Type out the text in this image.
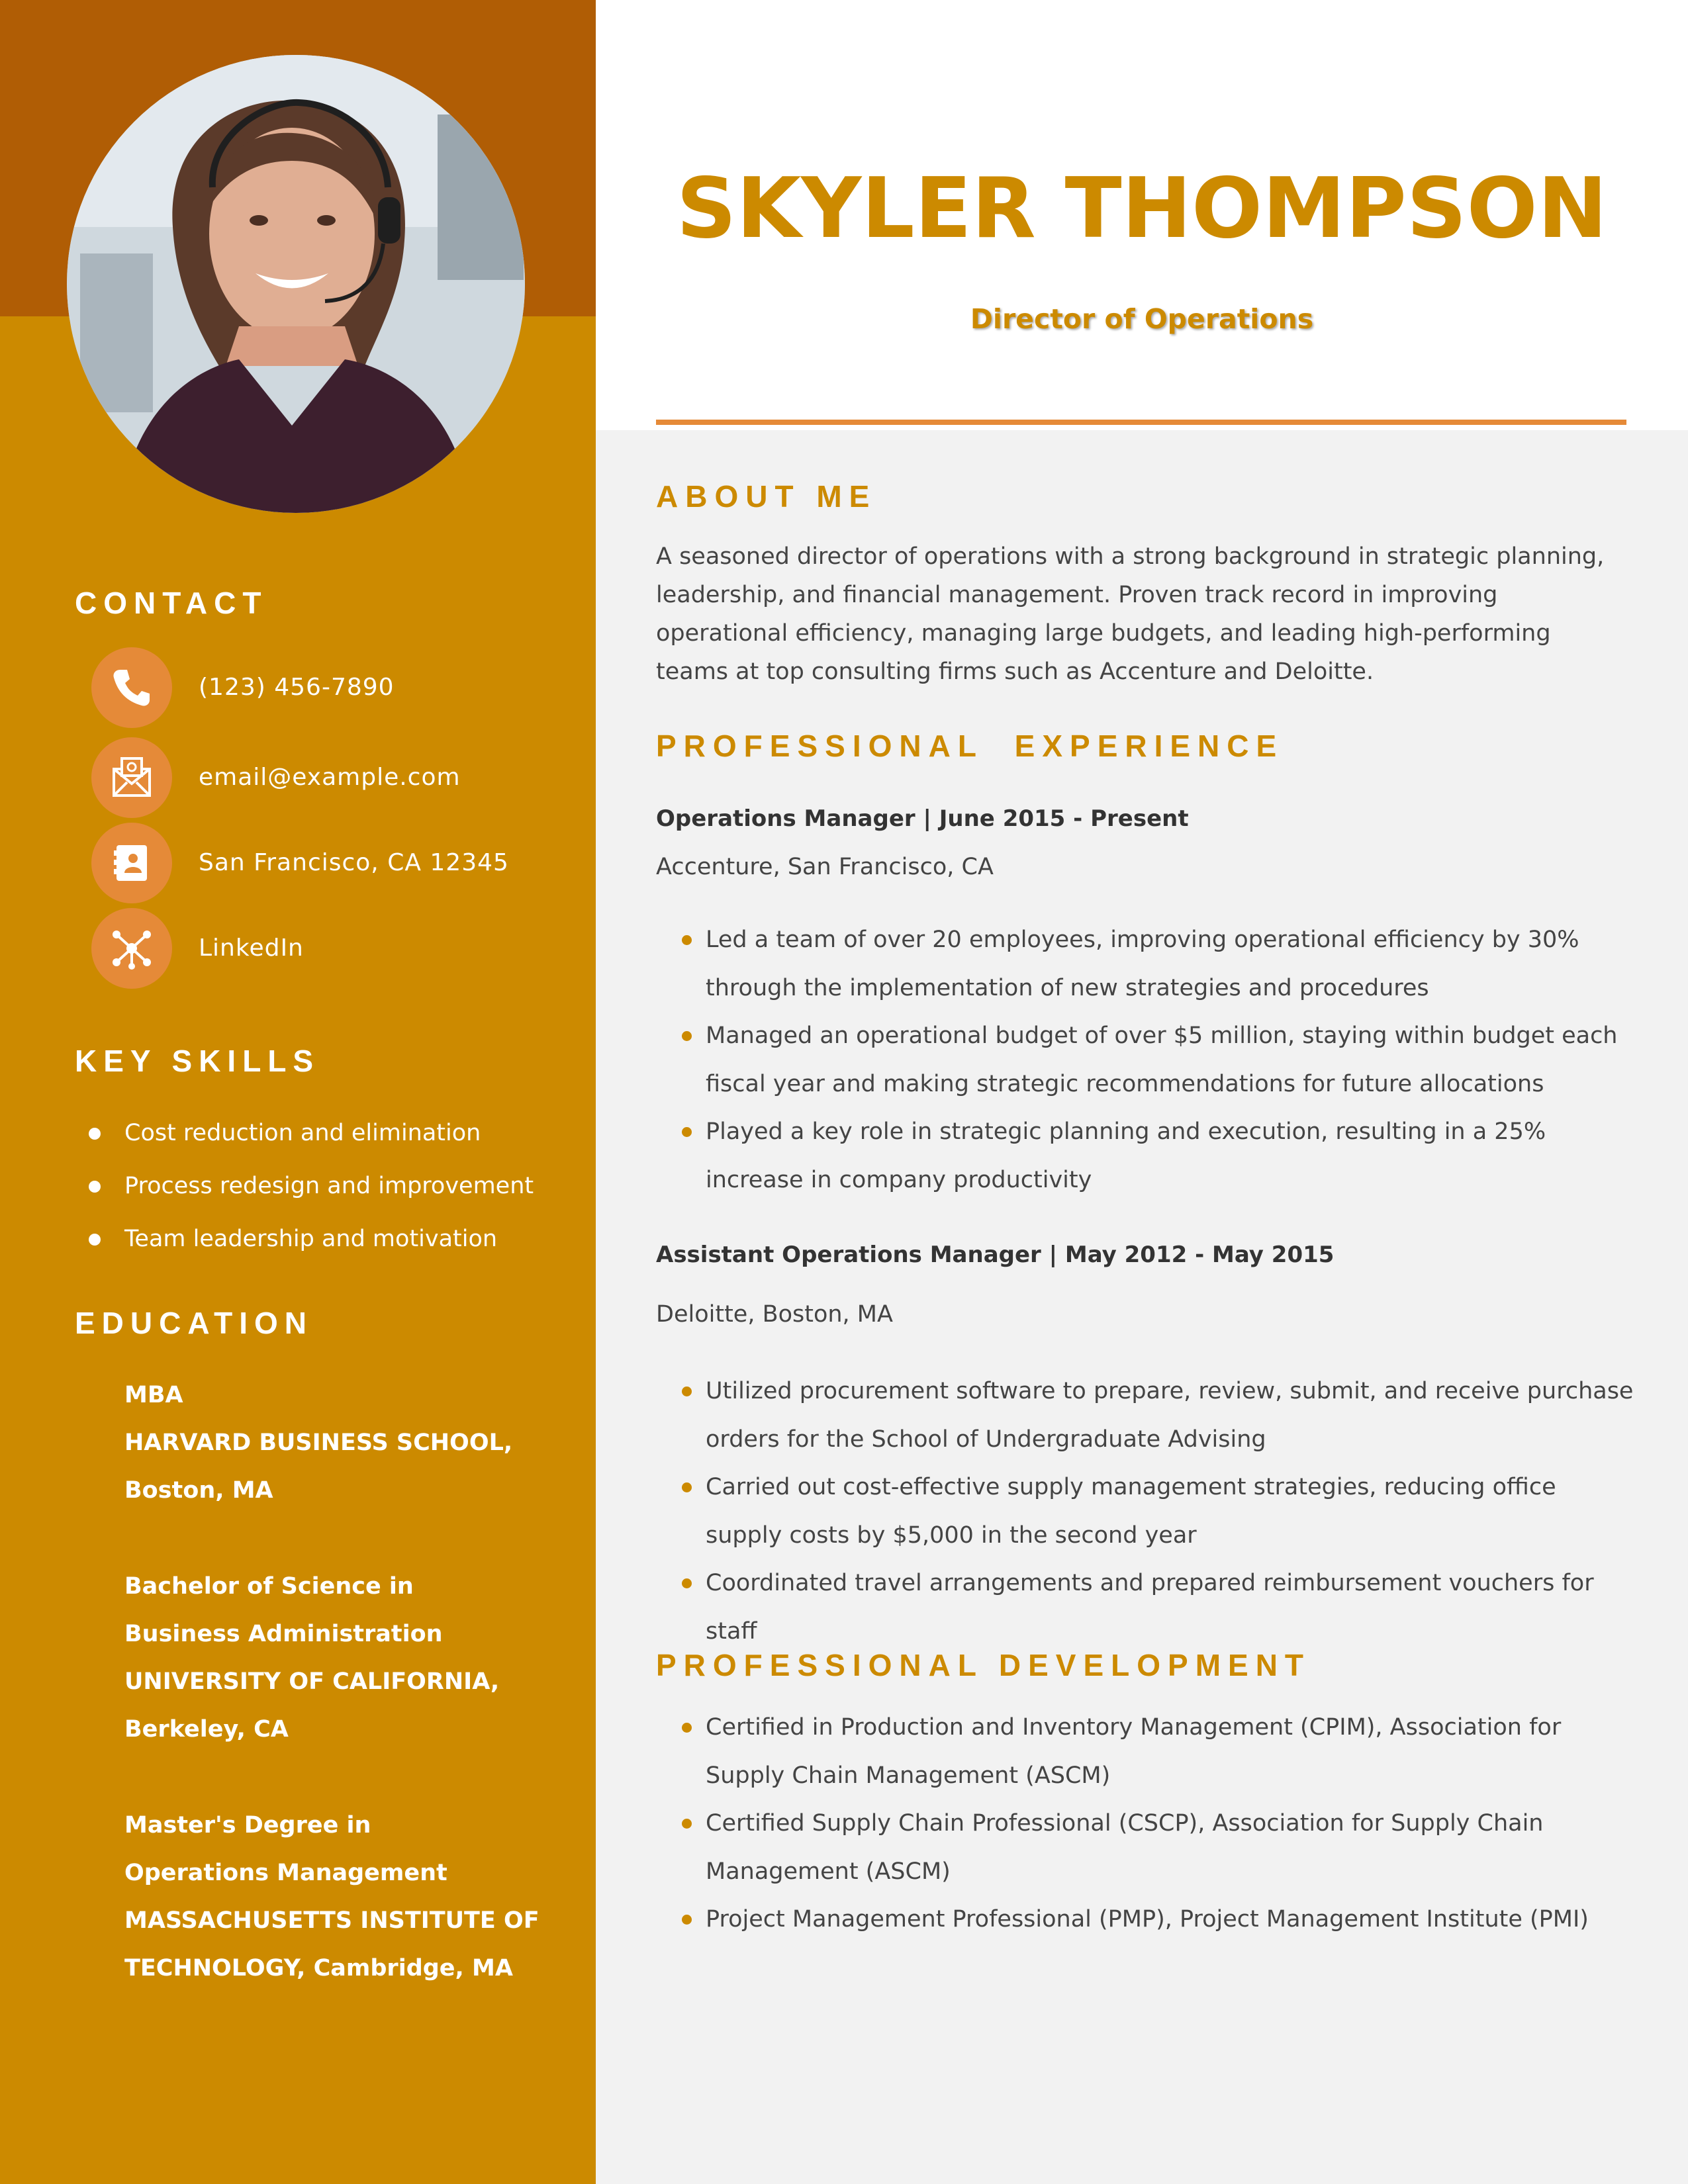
CONTACT
(123) 456-7890
email@example.com
San Francisco, CA 12345
LinkedIn
KEY SKILLS
Cost reduction and elimination
Process redesign and improvement
Team leadership and motivation
EDUCATION
MBA
HARVARD BUSINESS SCHOOL,
Boston, MA
Bachelor of Science in
Business Administration
UNIVERSITY OF CALIFORNIA,
Berkeley, CA
Master's Degree in
Operations Management
MASSACHUSETTS INSTITUTE OF
TECHNOLOGY, Cambridge, MA
SKYLER THOMPSON
Director of Operations
ABOUT ME

A seasoned director of operations with a strong background in strategic planning, leadership, and financial management. Proven track record in improving operational efficiency, managing large budgets, and leading high-performing teams at top consulting firms such as Accenture and Deloitte.

PROFESSIONAL  EXPERIENCE
Operations Manager | June 2015 - Present
Accenture, San Francisco, CA
Led a team of over 20 employees, improving operational efficiency by 30% through the implementation of new strategies and procedures
Managed an operational budget of over $5 million, staying within budget each fiscal year and making strategic recommendations for future allocations
Played a key role in strategic planning and execution, resulting in a 25% increase in company productivity
Assistant Operations Manager | May 2012 - May 2015
Deloitte, Boston, MA
Utilized procurement software to prepare, review, submit, and receive purchase orders for the School of Undergraduate Advising
Carried out cost-effective supply management strategies, reducing office supply costs by $5,000 in the second year
Coordinated travel arrangements and prepared reimbursement vouchers for staff
PROFESSIONAL DEVELOPMENT
Certified in Production and Inventory Management (CPIM), Association for Supply Chain Management (ASCM)
Certified Supply Chain Professional (CSCP), Association for Supply Chain Management (ASCM)
Project Management Professional (PMP), Project Management Institute (PMI)
